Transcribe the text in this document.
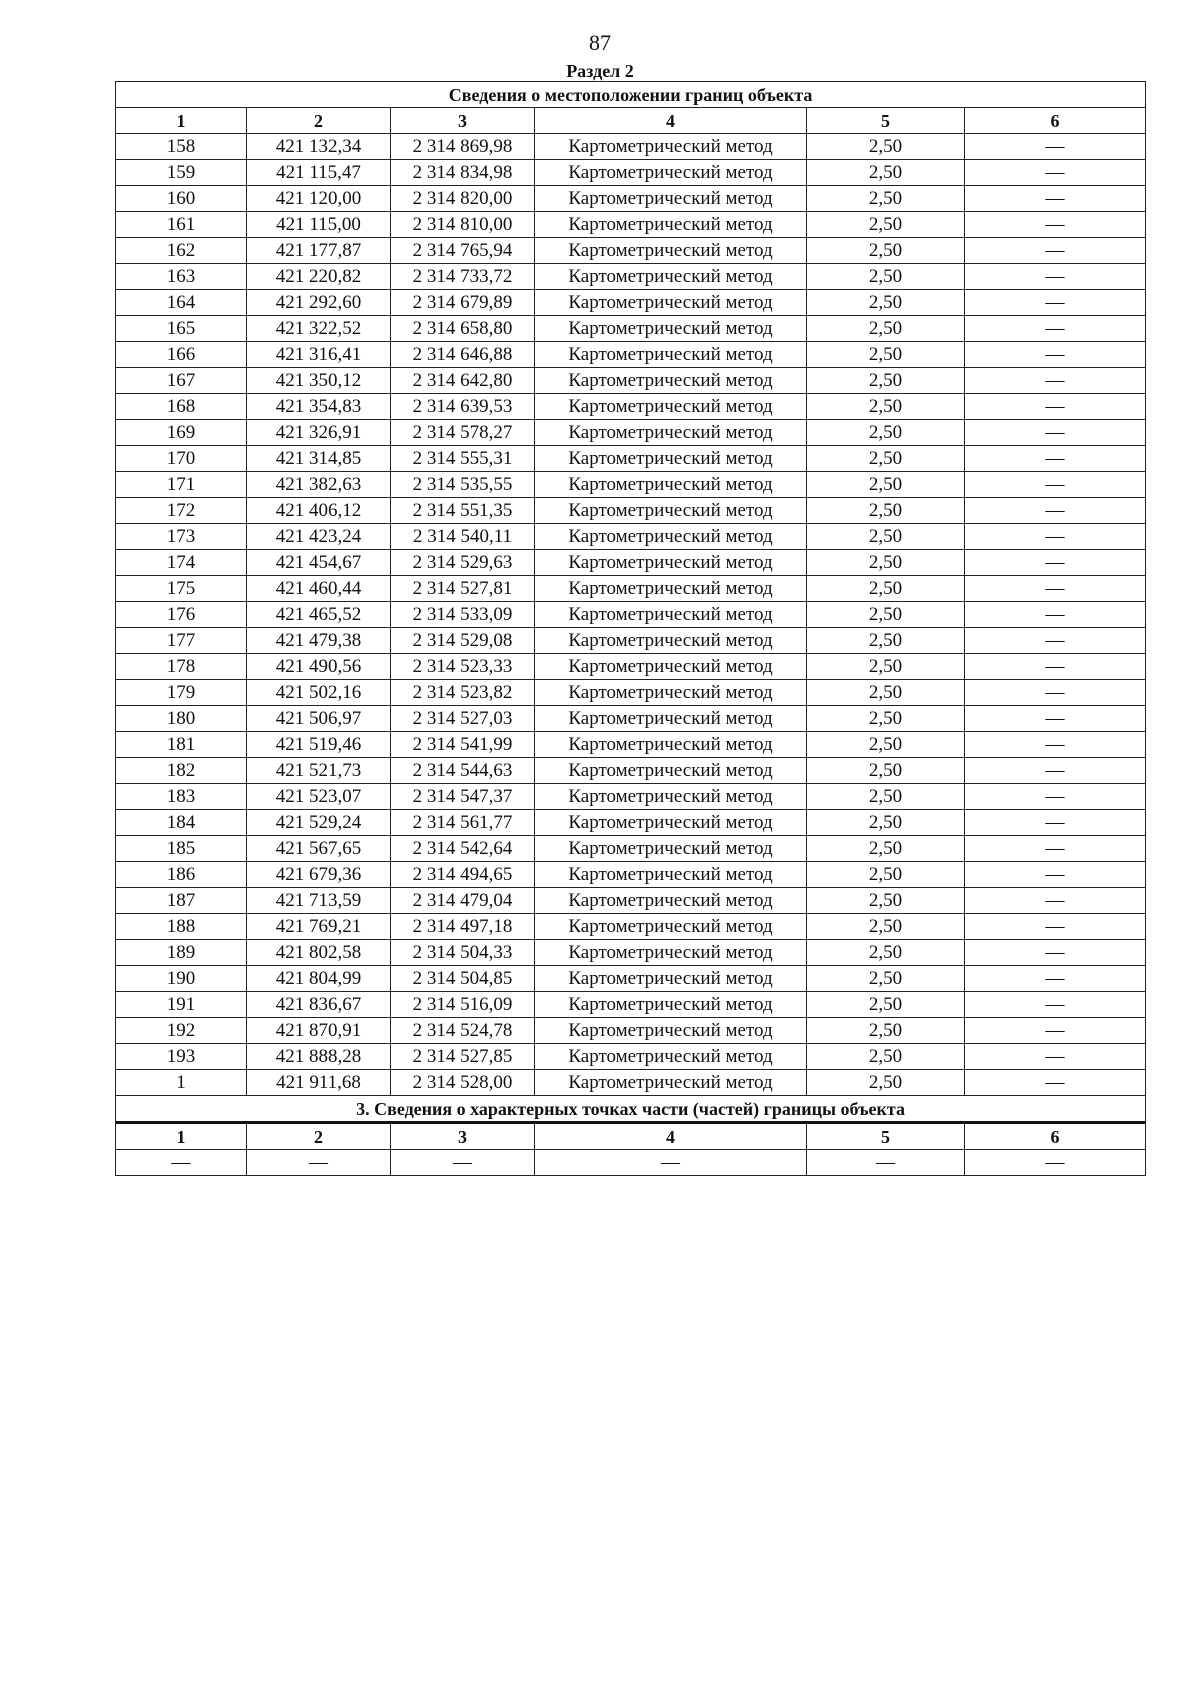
87
Раздел 2
Сведения о местоположении границ объекта					
1	2	3	4	5	6
158	421 132,34	2 314 869,98	Картометрический метод	2,50	—
159	421 115,47	2 314 834,98	Картометрический метод	2,50	—
160	421 120,00	2 314 820,00	Картометрический метод	2,50	—
161	421 115,00	2 314 810,00	Картометрический метод	2,50	—
162	421 177,87	2 314 765,94	Картометрический метод	2,50	—
163	421 220,82	2 314 733,72	Картометрический метод	2,50	—
164	421 292,60	2 314 679,89	Картометрический метод	2,50	—
165	421 322,52	2 314 658,80	Картометрический метод	2,50	—
166	421 316,41	2 314 646,88	Картометрический метод	2,50	—
167	421 350,12	2 314 642,80	Картометрический метод	2,50	—
168	421 354,83	2 314 639,53	Картометрический метод	2,50	—
169	421 326,91	2 314 578,27	Картометрический метод	2,50	—
170	421 314,85	2 314 555,31	Картометрический метод	2,50	—
171	421 382,63	2 314 535,55	Картометрический метод	2,50	—
172	421 406,12	2 314 551,35	Картометрический метод	2,50	—
173	421 423,24	2 314 540,11	Картометрический метод	2,50	—
174	421 454,67	2 314 529,63	Картометрический метод	2,50	—
175	421 460,44	2 314 527,81	Картометрический метод	2,50	—
176	421 465,52	2 314 533,09	Картометрический метод	2,50	—
177	421 479,38	2 314 529,08	Картометрический метод	2,50	—
178	421 490,56	2 314 523,33	Картометрический метод	2,50	—
179	421 502,16	2 314 523,82	Картометрический метод	2,50	—
180	421 506,97	2 314 527,03	Картометрический метод	2,50	—
181	421 519,46	2 314 541,99	Картометрический метод	2,50	—
182	421 521,73	2 314 544,63	Картометрический метод	2,50	—
183	421 523,07	2 314 547,37	Картометрический метод	2,50	—
184	421 529,24	2 314 561,77	Картометрический метод	2,50	—
185	421 567,65	2 314 542,64	Картометрический метод	2,50	—
186	421 679,36	2 314 494,65	Картометрический метод	2,50	—
187	421 713,59	2 314 479,04	Картометрический метод	2,50	—
188	421 769,21	2 314 497,18	Картометрический метод	2,50	—
189	421 802,58	2 314 504,33	Картометрический метод	2,50	—
190	421 804,99	2 314 504,85	Картометрический метод	2,50	—
191	421 836,67	2 314 516,09	Картометрический метод	2,50	—
192	421 870,91	2 314 524,78	Картометрический метод	2,50	—
193	421 888,28	2 314 527,85	Картометрический метод	2,50	—
1	421 911,68	2 314 528,00	Картометрический метод	2,50	—
3. Сведения о характерных точках части (частей) границы объекта					
1	2	3	4	5	6
—	—	—	—	—	—
